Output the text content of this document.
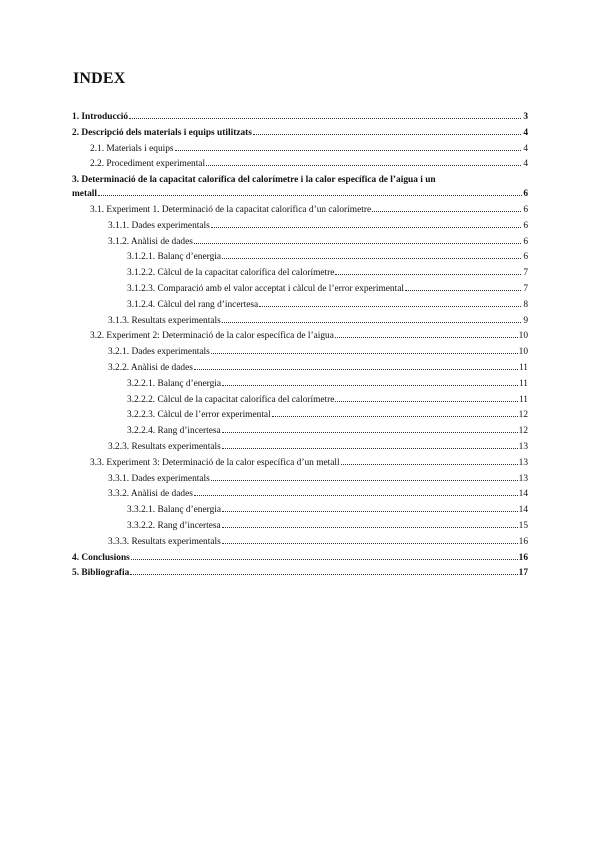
INDEX
1. Introducció	3
2. Descripció dels materials i equips utilitzats	4
2.1. Materials i equips	4
2.2. Procediment experimental	4
3. Determinació de la capacitat calorífica del calorímetre i la calor específica de l’aigua i un
metall	6
3.1. Experiment 1. Determinació de la capacitat calorífica d’un calorímetre	6
3.1.1. Dades experimentals	6
3.1.2. Anàlisi de dades	6
3.1.2.1. Balanç d’energia	6
3.1.2.2. Càlcul de la capacitat calorífica del calorímetre	7
3.1.2.3. Comparació amb el valor acceptat i càlcul de l’error experimental	7
3.1.2.4. Càlcul del rang d’incertesa	8
3.1.3. Resultats experimentals	9
3.2. Experiment 2: Determinació de la calor específica de l’aigua	10
3.2.1. Dades experimentals	10
3.2.2. Anàlisi de dades	11
3.2.2.1. Balanç d’energia	11
3.2.2.2. Càlcul de la capacitat calorífica del calorímetre	11
3.2.2.3. Càlcul de l’error experimental	12
3.2.2.4. Rang d’incertesa	12
3.2.3. Resultats experimentals	13
3.3. Experiment 3: Determinació de la calor específica d’un metall	13
3.3.1. Dades experimentals	13
3.3.2. Anàlisi de dades	14
3.3.2.1. Balanç d’energia	14
3.3.2.2. Rang d’incertesa	15
3.3.3. Resultats experimentals	16
4. Conclusions	16
5. Bibliografia	17
